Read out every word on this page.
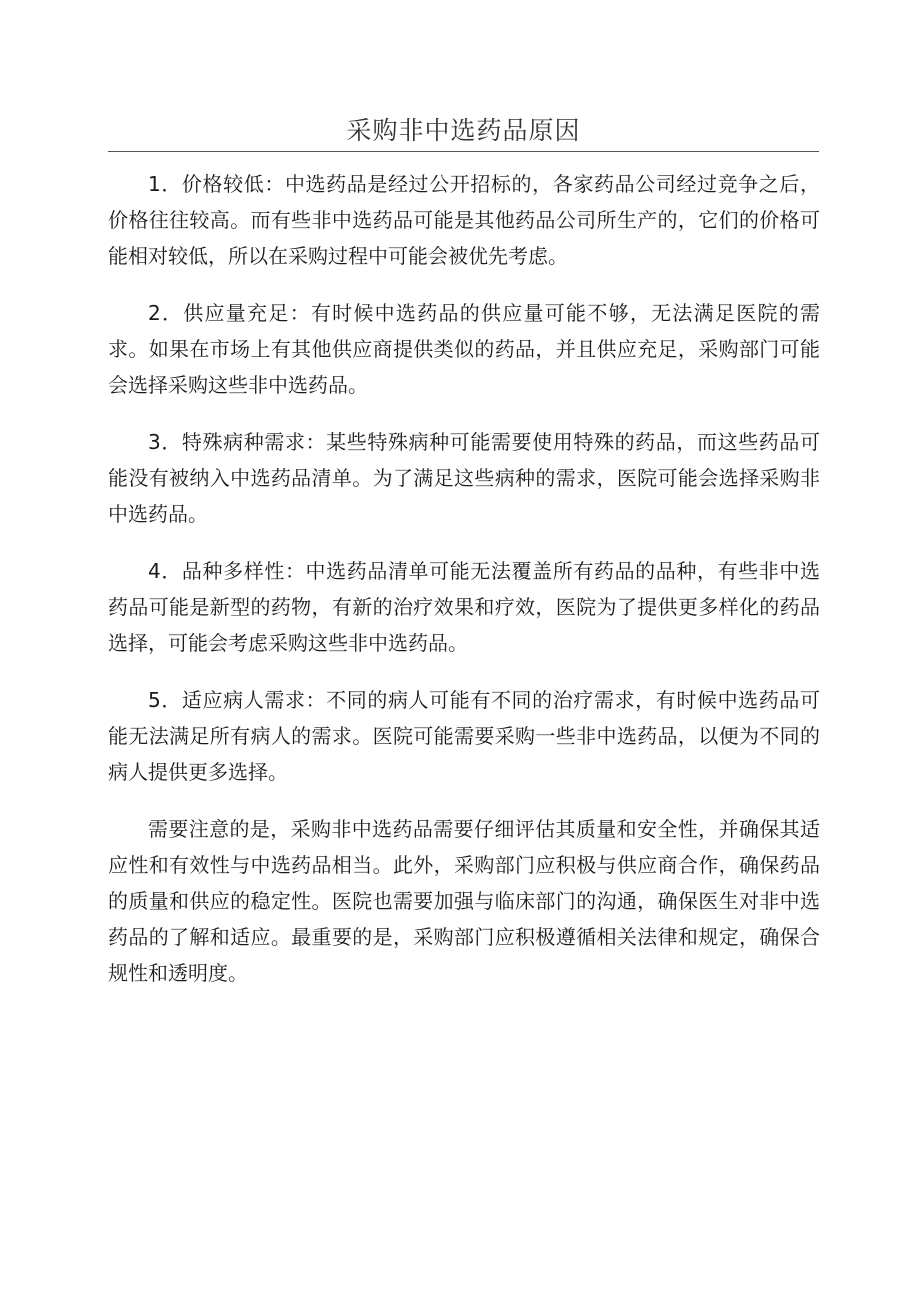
采购非中选药品原因

1．价格较低：中选药品是经过公开招标的，各家药品公司经过竞争之后，价格往往较高。而有些非中选药品可能是其他药品公司所生产的，它们的价格可能相对较低，所以在采购过程中可能会被优先考虑。

2．供应量充足：有时候中选药品的供应量可能不够，无法满足医院的需求。如果在市场上有其他供应商提供类似的药品，并且供应充足，采购部门可能会选择采购这些非中选药品。

3．特殊病种需求：某些特殊病种可能需要使用特殊的药品，而这些药品可能没有被纳入中选药品清单。为了满足这些病种的需求，医院可能会选择采购非中选药品。

4．品种多样性：中选药品清单可能无法覆盖所有药品的品种，有些非中选药品可能是新型的药物，有新的治疗效果和疗效，医院为了提供更多样化的药品选择，可能会考虑采购这些非中选药品。

5．适应病人需求：不同的病人可能有不同的治疗需求，有时候中选药品可能无法满足所有病人的需求。医院可能需要采购一些非中选药品，以便为不同的病人提供更多选择。

需要注意的是，采购非中选药品需要仔细评估其质量和安全性，并确保其适应性和有效性与中选药品相当。此外，采购部门应积极与供应商合作，确保药品的质量和供应的稳定性。医院也需要加强与临床部门的沟通，确保医生对非中选药品的了解和适应。最重要的是，采购部门应积极遵循相关法律和规定，确保合规性和透明度。
